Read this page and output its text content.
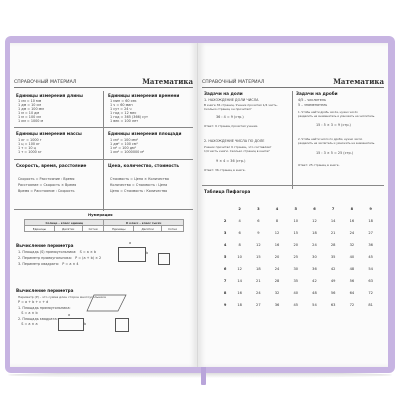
СПРАВОЧНЫЙ МАТЕРИАЛ	Математика
Единицы измерения длины
1 см = 10 мм
1 дм = 10 см
1 дм = 100 мм
1 м = 10 дм
1 м = 100 см
1 км = 1000 м
Единицы измерения времени
1 мин = 60 сек
1 ч = 60 мин
1 сут = 24 ч
1 год = 12 мес
1 год = 365 (366) сут
1 век = 100 лет
Единицы измерения массы
1 кг = 1000 г
1 ц = 100 кг
1 т = 10 ц
1 т = 1000 кг
Единицы измерения площади
1 см² = 100 мм²
1 дм² = 100 см²
1 м² = 100 дм²
1 км² = 1000000 м²
Скорость, время, расстояние
Скорость = Расстояние : Время
Расстояние = Скорость × Время
Время = Расстояние : Скорость
Цена, количество, стоимость
Стоимость = Цена × Количество
Количество = Стоимость : Цена
Цена = Стоимость : Количество
Нумерация
Солнце – класс единиц			К класс – класс тысяч		
Единицы	Десятки	Сотни	Единицы	Десятки	Сотни
Вычисление периметра
1. Площадь (S) прямоугольника:   S = a × b
2. Периметр прямоугольника:   P = (a + b) × 2
3. Периметр квадрата:   P = a × 4
a
b
Вычисление периметра
Периметр (P) – это сумма длин сторон многоугольника
P = a + b + c + d
1. Площадь прямоугольника:
S = a × b
2. Площадь квадрата:
S = a × a
a
b
СПРАВОЧНЫЙ МАТЕРИАЛ	Математика
Задачи на доли
1. НАХОЖДЕНИЕ ДОЛИ ЧИСЛА
В книге 36 страниц. Ученик прочитал 1/4 часть.
Сколько страниц он прочитал?
36 : 4 = 9 (стр.)
Ответ: 9 страниц прочитал ученик.
2. НАХОЖДЕНИЕ ЧИСЛА ПО ДОЛЕ
Ученик прочитал 9 страниц, что составляет
1/4 часть книги. Сколько страниц в книге?
9 × 4 = 36 (стр.)
Ответ: 36 страниц в книге.
Задачи на дроби
4/5 – числитель
5 – знаменатель
1. Чтобы найти дробь числа, нужно число
разделить на знаменатель и умножить на числитель.
15 : 5 × 3 = 9 (стр.)
2. Чтобы найти число по дроби, нужно число
разделить на числитель и умножить на знаменатель.
15 : 3 × 5 = 25 (стр.)
Ответ: 25 страниц в книге.
Таблица Пифагора
	2	3	4	5	6	7	8	9
2	4	6	8	10	12	14	16	18
3	6	9	12	15	18	21	24	27
4	8	12	16	20	24	28	32	36
5	10	15	20	25	30	35	40	45
6	12	18	24	30	36	42	48	54
7	14	21	28	35	42	49	56	63
8	16	24	32	40	48	56	64	72
9	18	27	36	45	54	63	72	81
